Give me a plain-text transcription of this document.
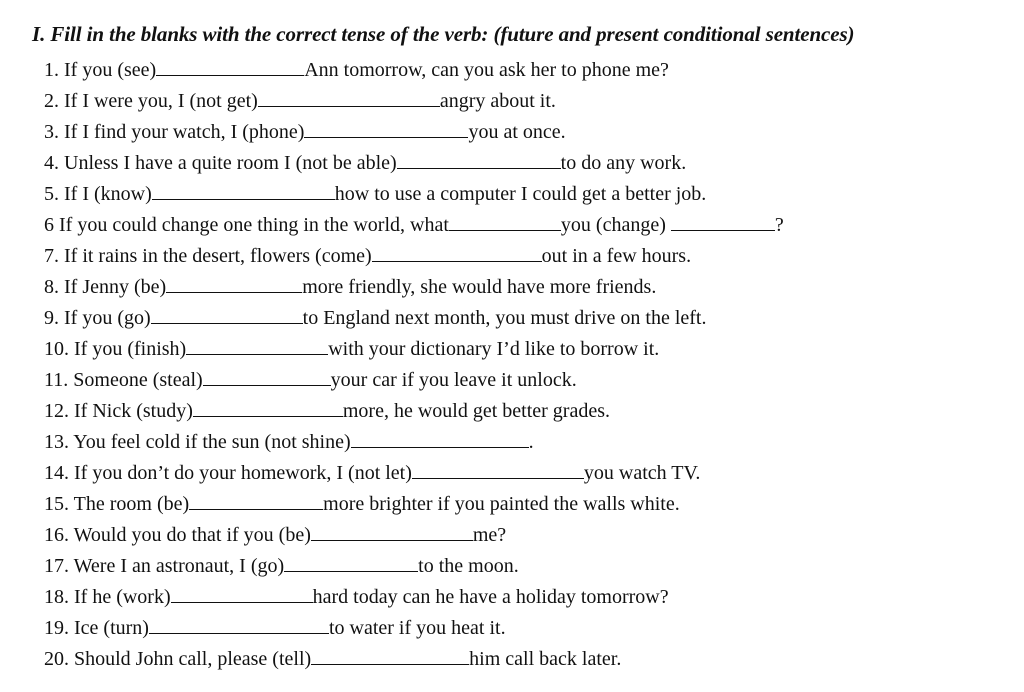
I. Fill in the blanks with the correct tense of the verb: (future and present conditional sentences)
1. If you (see)	Ann tomorrow, can you ask her to phone me?
2. If I were you, I (not get)	angry about it.
3. If I find your watch, I (phone)	you at once.
4. Unless I have a quite room I (not be able)	to do any work.
5. If I (know)	how to use a computer I could get a better job.
6 If you could change one thing in the world, what	you (change)	?
7. If it rains in the desert, flowers (come)	out in a few hours.
8. If Jenny (be)	more friendly, she would have more friends.
9. If you (go)	to England next month, you must drive on the left.
10. If you (finish)	with your dictionary I’d like to borrow it.
11. Someone (steal)	your car if you leave it unlock.
12. If Nick (study)	more, he would get better grades.
13. You feel cold if the sun (not shine)	.
14. If you don’t do your homework, I (not let)	you watch TV.
15. The room (be)	more brighter if you painted the walls white.
16. Would you do that if you (be)	me?
17. Were I an astronaut, I (go)	to the moon.
18. If he (work)	hard today can he have a holiday tomorrow?
19. Ice (turn)	to water if you heat it.
20. Should John call, please (tell)	him call back later.
